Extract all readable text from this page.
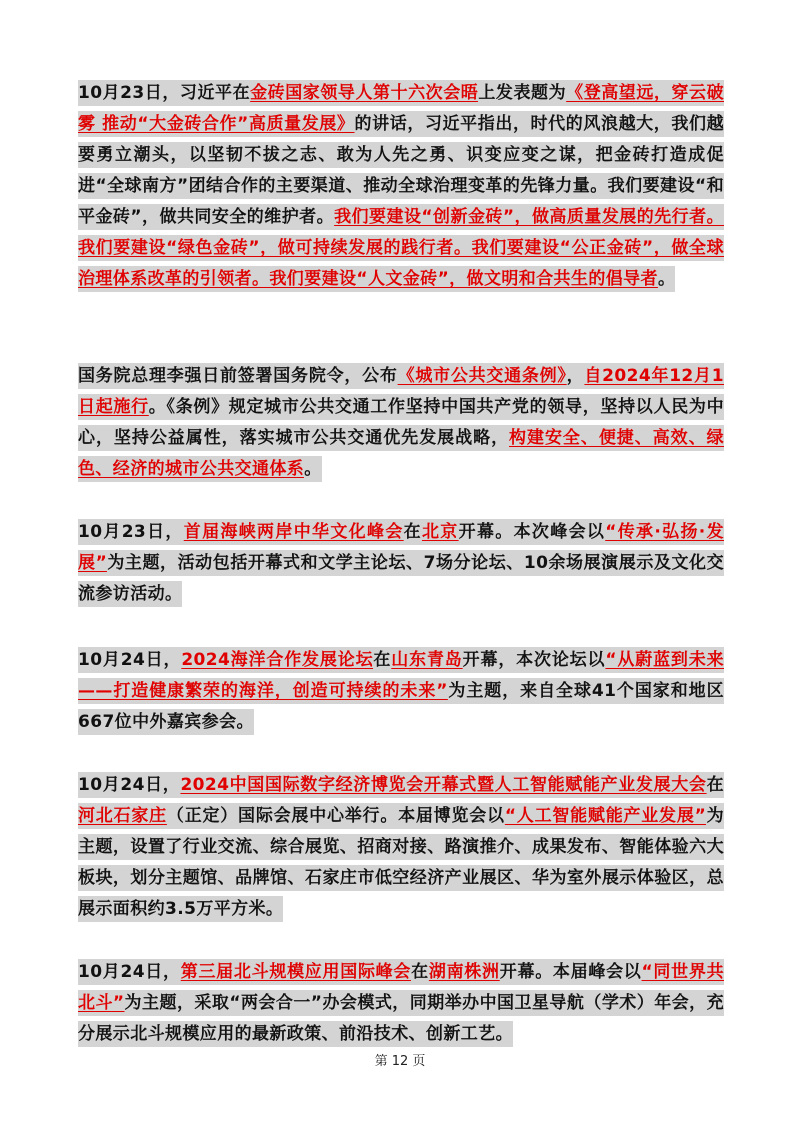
10月23日，习近平在金砖国家领导人第十六次会晤上发表题为《登高望远，穿云破雾 推动“大金砖合作”高质量发展》的讲话，习近平指出，时代的风浪越大，我们越要勇立潮头，以坚韧不拔之志、敢为人先之勇、识变应变之谋，把金砖打造成促进“全球南方”团结合作的主要渠道、推动全球治理变革的先锋力量。我们要建设“和平金砖”，做共同安全的维护者。我们要建设“创新金砖”，做高质量发展的先行者。我们要建设“绿色金砖”，做可持续发展的践行者。我们要建设“公正金砖”，做全球治理体系改革的引领者。我们要建设“人文金砖”，做文明和合共生的倡导者。
国务院总理李强日前签署国务院令，公布《城市公共交通条例》，自2024年12月1日起施行。《条例》规定城市公共交通工作坚持中国共产党的领导，坚持以人民为中心，坚持公益属性，落实城市公共交通优先发展战略，构建安全、便捷、高效、绿色、经济的城市公共交通体系。
10月23日，首届海峡两岸中华文化峰会在北京开幕。本次峰会以“传承·弘扬·发展”为主题，活动包括开幕式和文学主论坛、7场分论坛、10余场展演展示及文化交流参访活动。
10月24日，2024海洋合作发展论坛在山东青岛开幕，本次论坛以“从蔚蓝到未来——打造健康繁荣的海洋，创造可持续的未来”为主题，来自全球41个国家和地区667位中外嘉宾参会。
10月24日，2024中国国际数字经济博览会开幕式暨人工智能赋能产业发展大会在河北石家庄（正定）国际会展中心举行。本届博览会以“人工智能赋能产业发展”为主题，设置了行业交流、综合展览、招商对接、路演推介、成果发布、智能体验六大板块，划分主题馆、品牌馆、石家庄市低空经济产业展区、华为室外展示体验区，总展示面积约3.5万平方米。
10月24日，第三届北斗规模应用国际峰会在湖南株洲开幕。本届峰会以“同世界共北斗”为主题，采取“两会合一”办会模式，同期举办中国卫星导航（学术）年会，充分展示北斗规模应用的最新政策、前沿技术、创新工艺。
第 12 页
